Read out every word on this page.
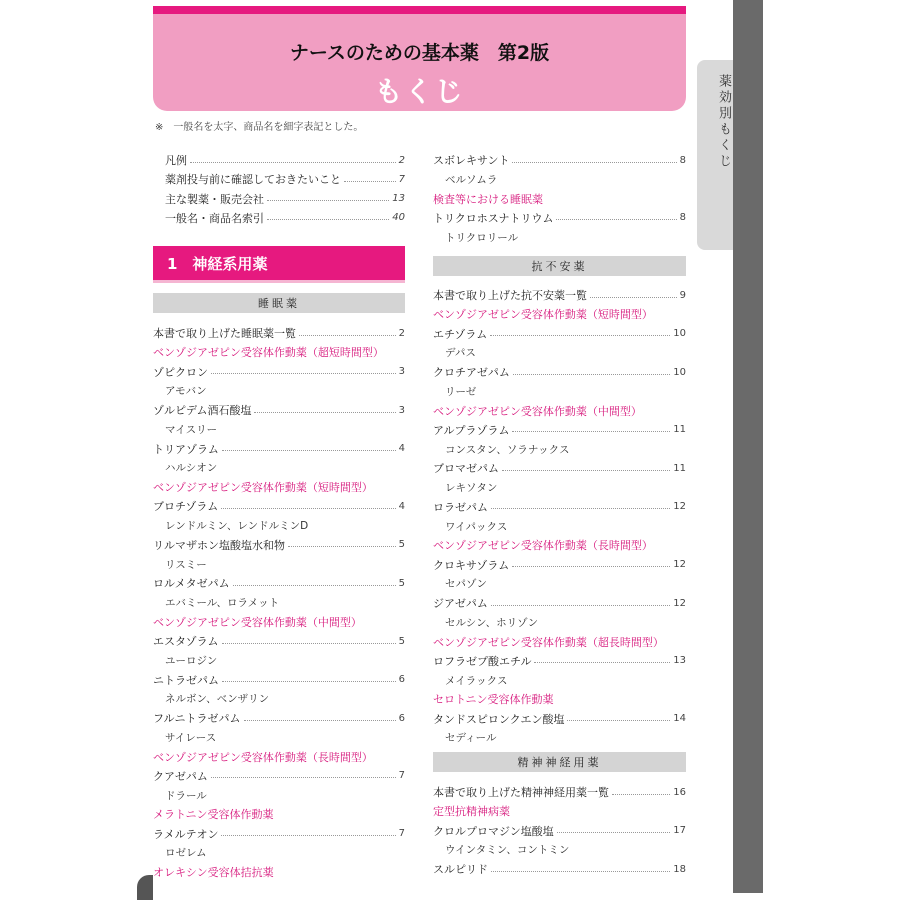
薬効別もくじ
ナースのための基本薬　第2版
もくじ
※　一般名を太字、商品名を細字表記とした。
凡例	2
薬剤投与前に確認しておきたいこと	7
主な製薬・販売会社	13
一般名・商品名索引	40
1　神経系用薬
睡眠薬
本書で取り上げた睡眠薬一覧	2
ベンゾジアゼピン受容体作動薬（超短時間型）
ゾピクロン	3
アモバン
ゾルピデム酒石酸塩	3
マイスリー
トリアゾラム	4
ハルシオン
ベンゾジアゼピン受容体作動薬（短時間型）
ブロチゾラム	4
レンドルミン、レンドルミンD
リルマザホン塩酸塩水和物	5
リスミー
ロルメタゼパム	5
エバミール、ロラメット
ベンゾジアゼピン受容体作動薬（中間型）
エスタゾラム	5
ユーロジン
ニトラゼパム	6
ネルボン、ベンザリン
フルニトラゼパム	6
サイレース
ベンゾジアゼピン受容体作動薬（長時間型）
クアゼパム	7
ドラール
メラトニン受容体作動薬
ラメルテオン	7
ロゼレム
オレキシン受容体拮抗薬
スボレキサント	8
ベルソムラ
検査等における睡眠薬
トリクロホスナトリウム	8
トリクロリール
抗不安薬
本書で取り上げた抗不安薬一覧	9
ベンゾジアゼピン受容体作動薬（短時間型）
エチゾラム	10
デパス
クロチアゼパム	10
リーゼ
ベンゾジアゼピン受容体作動薬（中間型）
アルプラゾラム	11
コンスタン、ソラナックス
ブロマゼパム	11
レキソタン
ロラゼパム	12
ワイパックス
ベンゾジアゼピン受容体作動薬（長時間型）
クロキサゾラム	12
セパゾン
ジアゼパム	12
セルシン、ホリゾン
ベンゾジアゼピン受容体作動薬（超長時間型）
ロフラゼプ酸エチル	13
メイラックス
セロトニン受容体作動薬
タンドスピロンクエン酸塩	14
セディール
精神神経用薬
本書で取り上げた精神神経用薬一覧	16
定型抗精神病薬
クロルプロマジン塩酸塩	17
ウインタミン、コントミン
スルピリド	18
